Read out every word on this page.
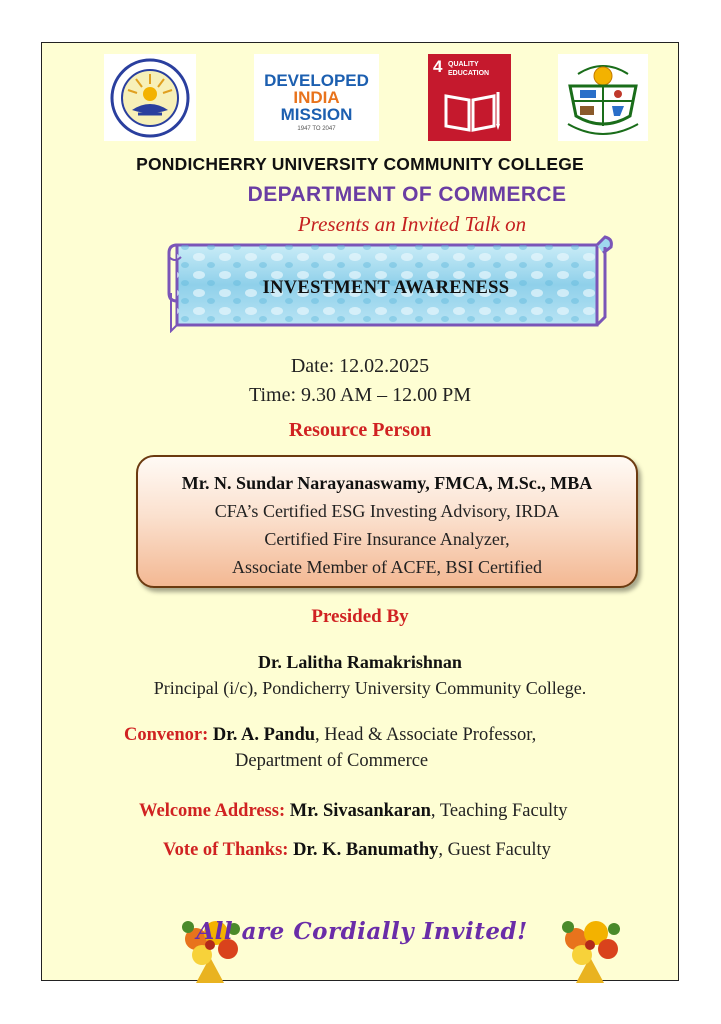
DEVELOPED
INDIA
MISSION
1947 TO 2047
4 QUALITY
EDUCATION
PONDICHERRY UNIVERSITY COMMUNITY COLLEGE
DEPARTMENT OF COMMERCE
Presents an Invited Talk on
INVESTMENT AWARENESS
Date: 12.02.2025
Time: 9.30 AM – 12.00 PM
Resource Person
Mr. N. Sundar Narayanaswamy, FMCA, M.Sc., MBA
CFA’s Certified ESG Investing Advisory, IRDA
Certified Fire Insurance Analyzer,
Associate Member of ACFE, BSI Certified
Presided By
Dr. Lalitha Ramakrishnan
Principal (i/c), Pondicherry University Community College.
Convenor: Dr. A. Pandu, Head & Associate Professor,
Department of Commerce
Welcome Address: Mr. Sivasankaran, Teaching Faculty
Vote of Thanks: Dr. K. Banumathy, Guest Faculty
All are Cordially Invited!
